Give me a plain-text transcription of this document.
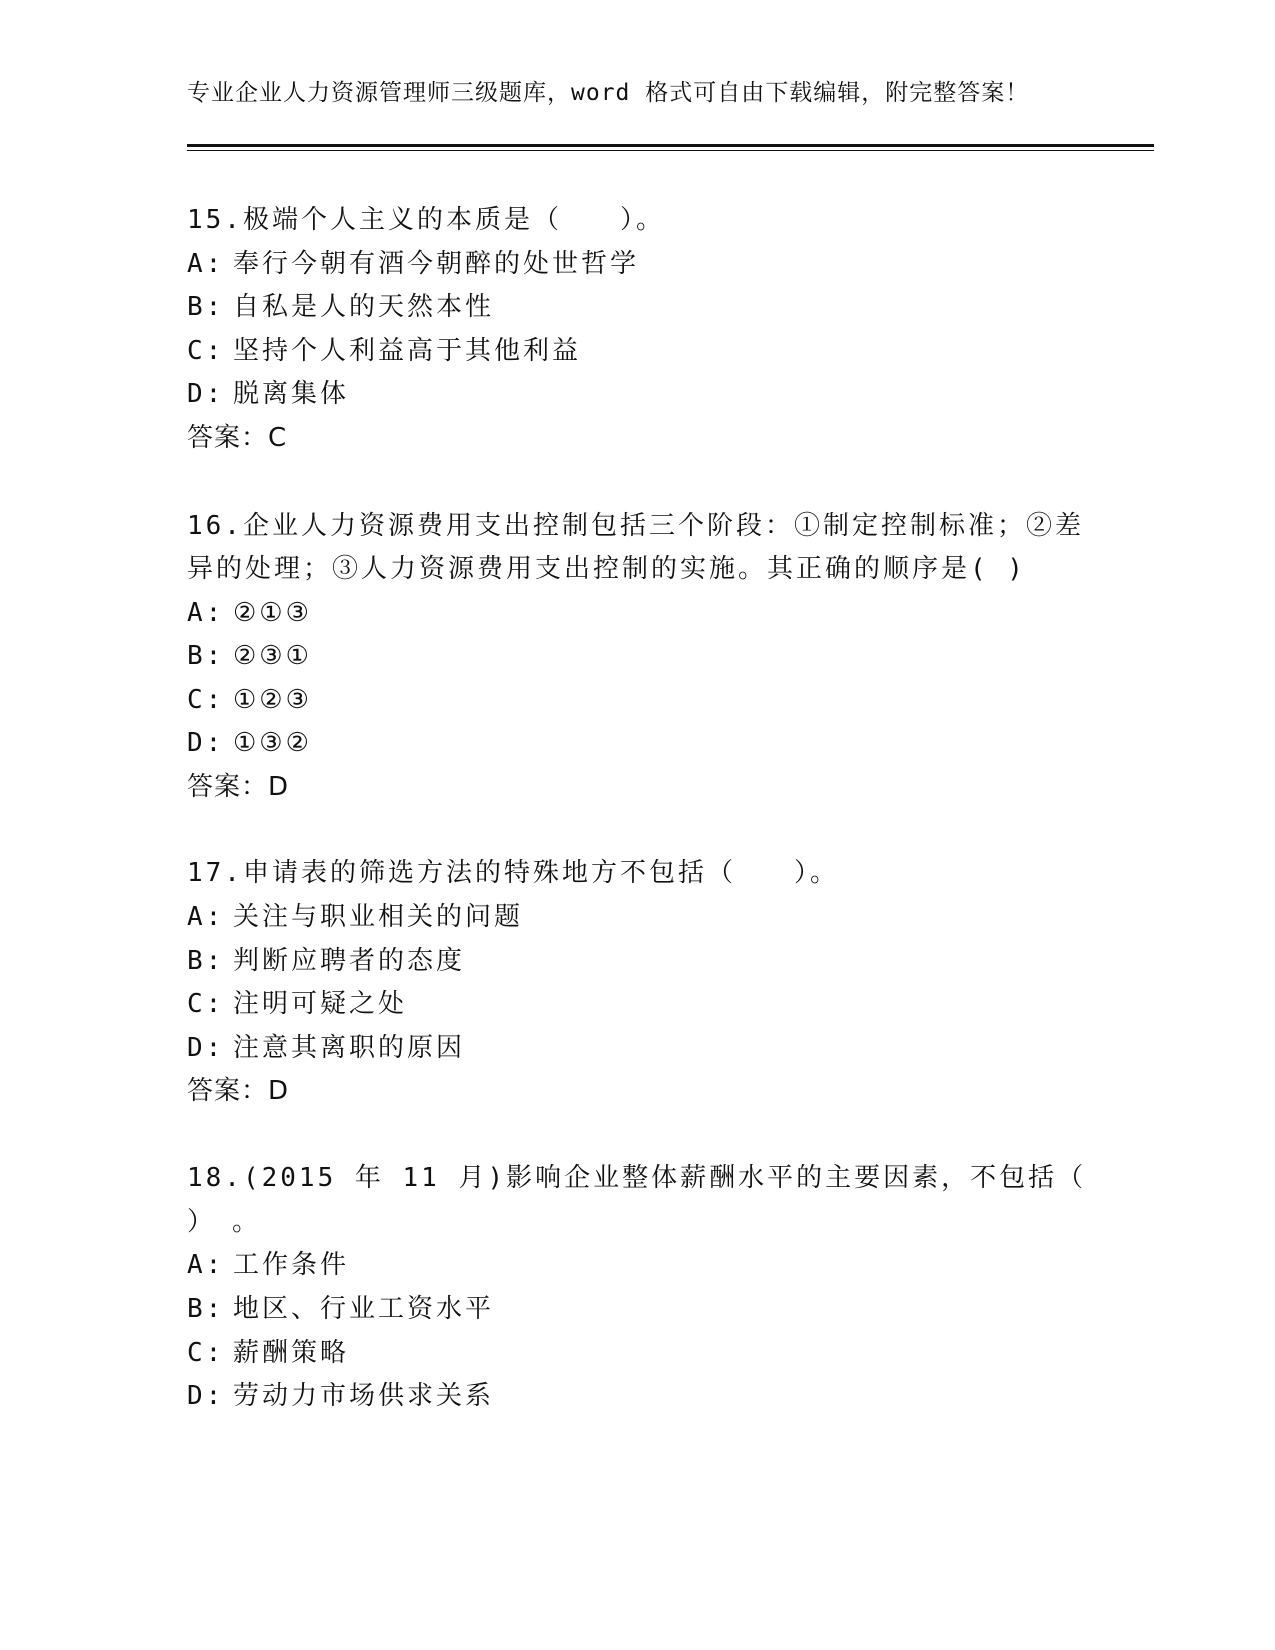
专业企业人力资源管理师三级题库，word 格式可自由下载编辑，附完整答案！
15.极端个人主义的本质是（　　）。
A: 奉行今朝有酒今朝醉的处世哲学
B: 自私是人的天然本性
C: 坚持个人利益高于其他利益
D: 脱离集体
答案：C
16.企业人力资源费用支出控制包括三个阶段：①制定控制标准；②差
异的处理；③人力资源费用支出控制的实施。其正确的顺序是( )
A: ②①③
B: ②③①
C: ①②③
D: ①③②
答案：D
17.申请表的筛选方法的特殊地方不包括（　　）。
A: 关注与职业相关的问题
B: 判断应聘者的态度
C: 注明可疑之处
D: 注意其离职的原因
答案：D
18.(2015 年 11 月)影响企业整体薪酬水平的主要因素，不包括（
）　。
A: 工作条件
B: 地区、行业工资水平
C: 薪酬策略
D: 劳动力市场供求关系
